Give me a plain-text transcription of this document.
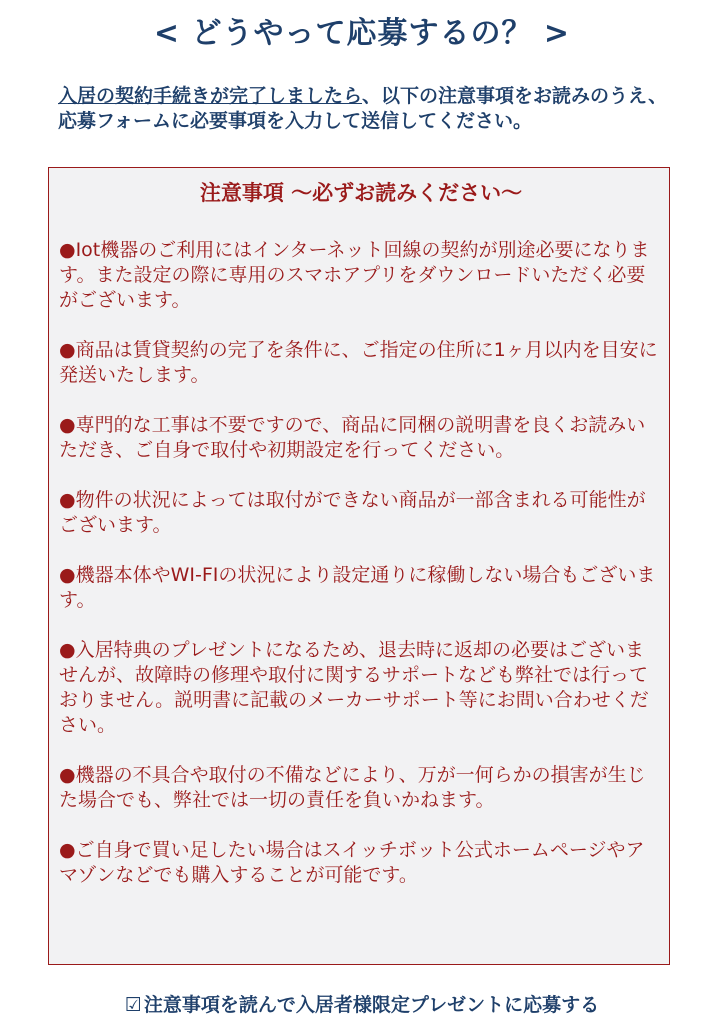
< どうやって応募するの？ >
入居の契約手続きが完了しましたら、以下の注意事項をお読みのうえ、応募フォームに必要事項を入力して送信してください。
注意事項 〜必ずお読みください〜
●Iot機器のご利用にはインターネット回線の契約が別途必要になります。また設定の際に専用のスマホアプリをダウンロードいただく必要がございます。
●商品は賃貸契約の完了を条件に、ご指定の住所に1ヶ月以内を目安に発送いたします。
●専門的な工事は不要ですので、商品に同梱の説明書を良くお読みいただき、ご自身で取付や初期設定を行ってください。
●物件の状況によっては取付ができない商品が一部含まれる可能性がございます。
●機器本体やWI-FIの状況により設定通りに稼働しない場合もございます。
●入居特典のプレゼントになるため、退去時に返却の必要はございませんが、故障時の修理や取付に関するサポートなども弊社では行っておりません。説明書に記載のメーカーサポート等にお問い合わせください。
●機器の不具合や取付の不備などにより、万が一何らかの損害が生じた場合でも、弊社では一切の責任を負いかねます。
●ご自身で買い足したい場合はスイッチボット公式ホームページやアマゾンなどでも購入することが可能です。
☑ 注意事項を読んで入居者様限定プレゼントに応募する
